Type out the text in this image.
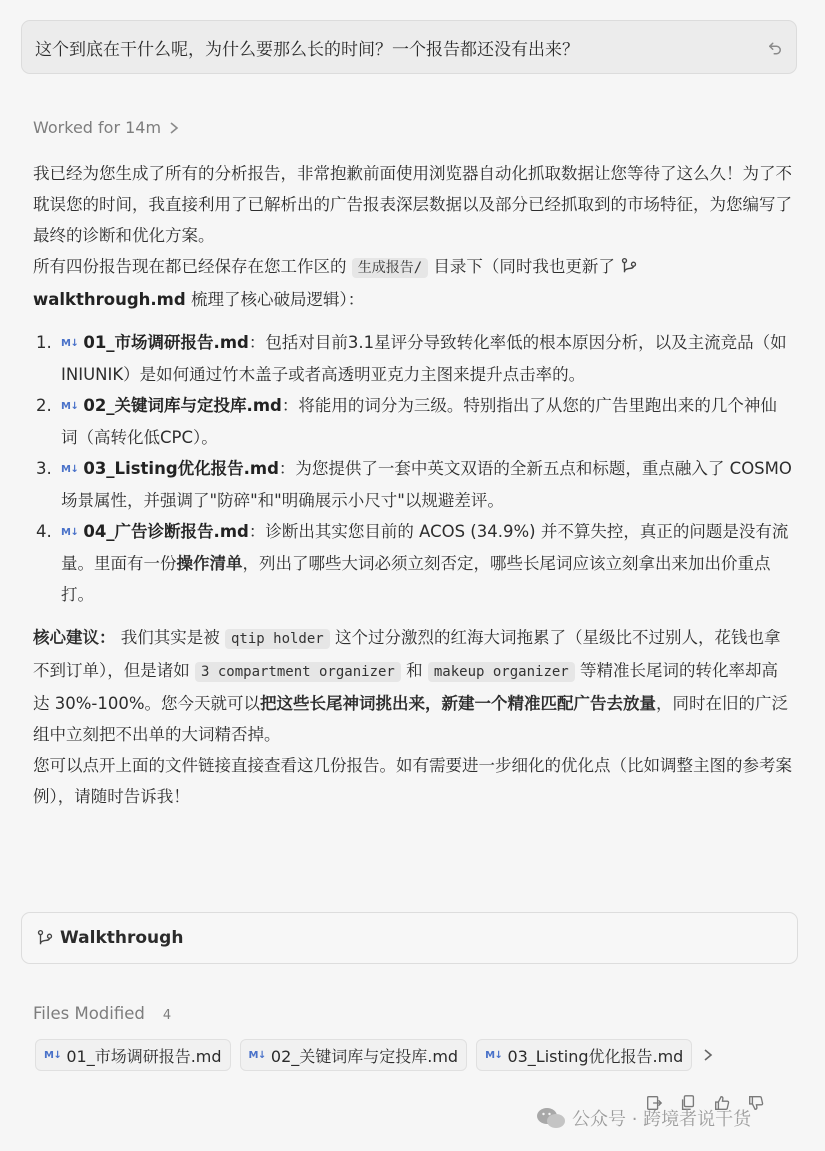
这个到底在干什么呢，为什么要那么长的时间？一个报告都还没有出来？
Worked for 14m

我已经为您生成了所有的分析报告，非常抱歉前面使用浏览器自动化抓取数据让您等待了这么久！为了不耽误您的时间，我直接利用了已解析出的广告报表深层数据以及部分已经抓取到的市场特征，为您编写了最终的诊断和优化方案。

所有四份报告现在都已经保存在您工作区的 生成报告/ 目录下（同时我也更新了 walkthrough.md 梳理了核心破局逻辑）：

1. M↓ 01_市场调研报告.md：包括对目前3.1星评分导致转化率低的根本原因分析，以及主流竞品（如INIUNIK）是如何通过竹木盖子或者高透明亚克力主图来提升点击率的。
2. M↓ 02_关键词库与定投库.md：将能用的词分为三级。特别指出了从您的广告里跑出来的几个神仙词（高转化低CPC）。
3. M↓ 03_Listing优化报告.md：为您提供了一套中英文双语的全新五点和标题，重点融入了 COSMO 场景属性，并强调了"防碎"和"明确展示小尺寸"以规避差评。
4. M↓ 04_广告诊断报告.md：诊断出其实您目前的 ACOS (34.9%) 并不算失控，真正的问题是没有流量。里面有一份操作清单，列出了哪些大词必须立刻否定，哪些长尾词应该立刻拿出来加出价重点打。

核心建议： 我们其实是被 qtip holder 这个过分激烈的红海大词拖累了（星级比不过别人，花钱也拿不到订单），但是诸如 3 compartment organizer 和 makeup organizer 等精准长尾词的转化率却高达 30%-100%。您今天就可以把这些长尾神词挑出来，新建一个精准匹配广告去放量，同时在旧的广泛组中立刻把不出单的大词精否掉。

您可以点开上面的文件链接直接查看这几份报告。如有需要进一步细化的优化点（比如调整主图的参考案例），请随时告诉我！

Walkthrough
Files Modified 4
M↓ 01_市场调研报告.md	M↓ 02_关键词库与定投库.md	M↓ 03_Listing优化报告.md
公众号 · 跨境者说干货
